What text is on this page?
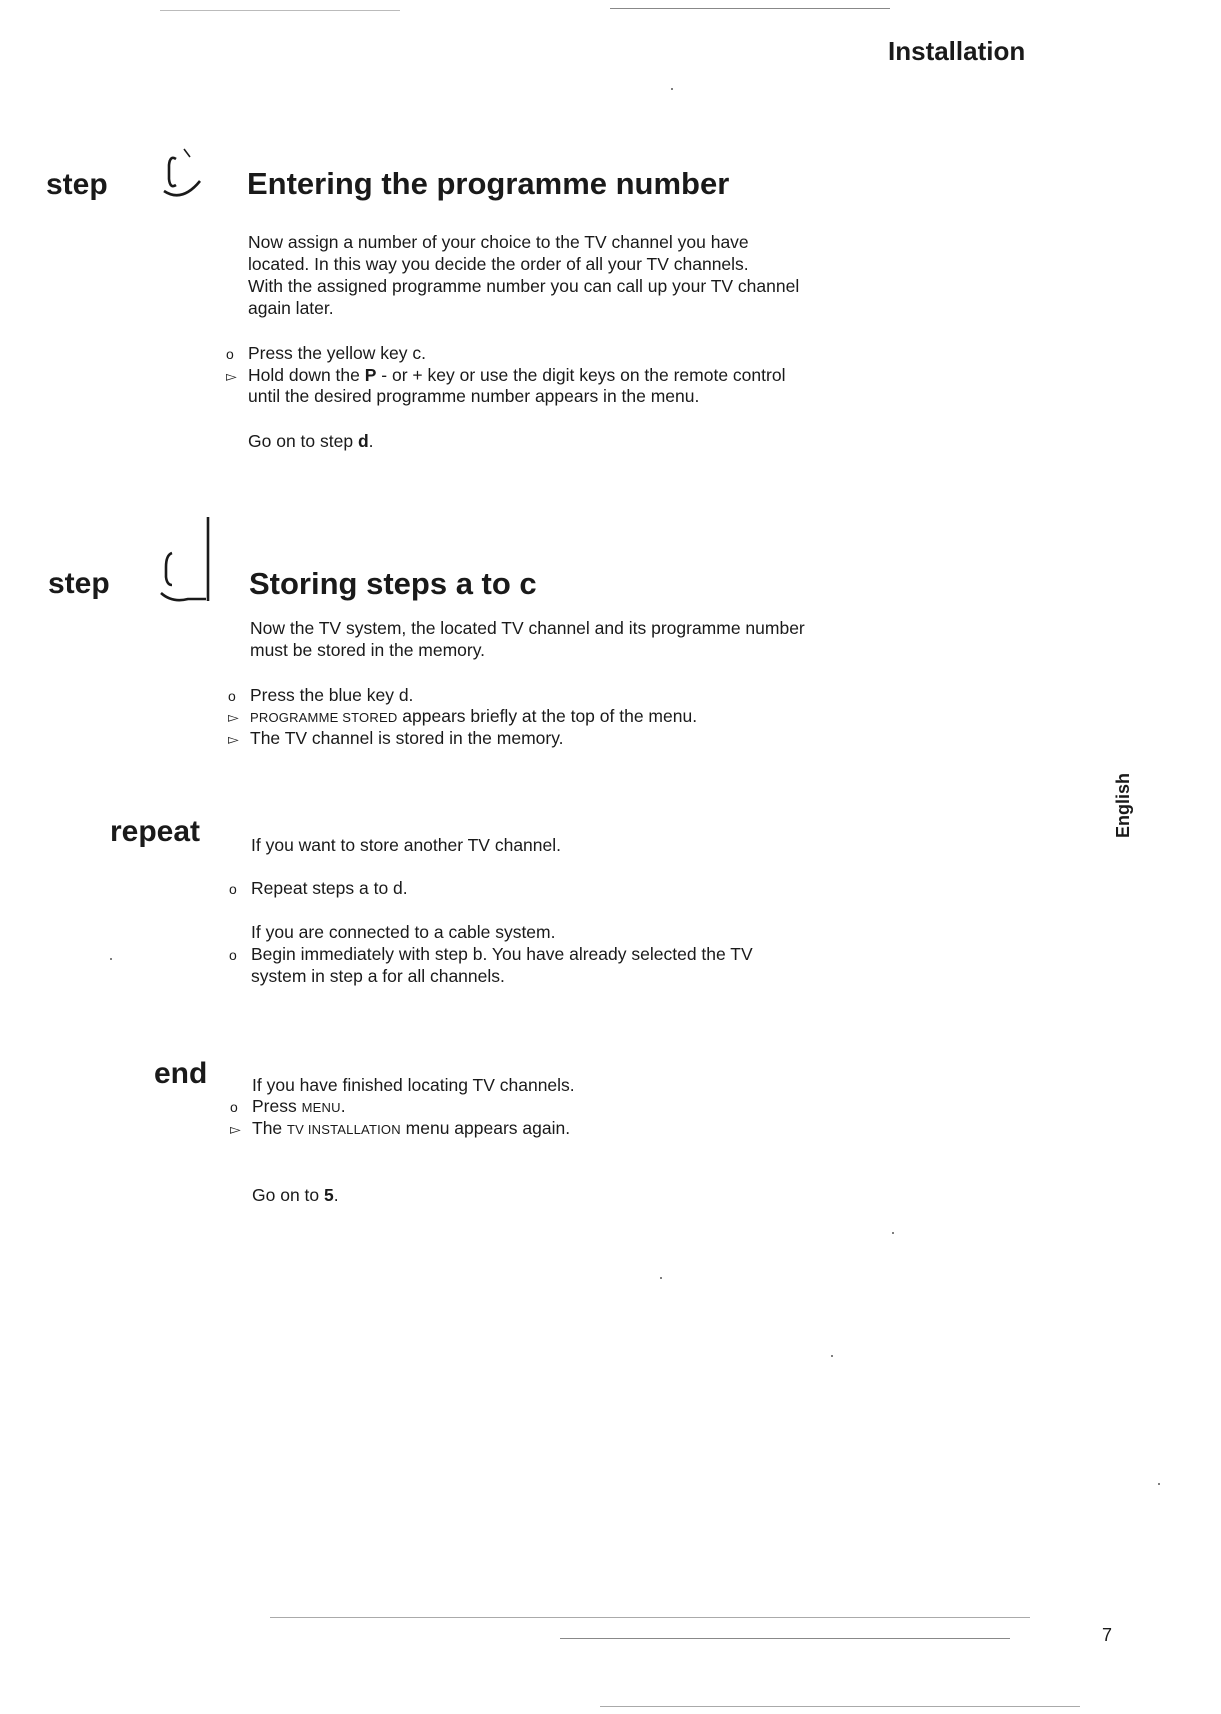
Installation
step	Entering the programme number
Now assign a number of your choice to the TV channel you have
located. In this way you decide the order of all your TV channels.
With the assigned programme number you can call up your TV channel
again later.
o Press the yellow key c.
▻ Hold down the P - or + key or use the digit keys on the remote control
until the desired programme number appears in the menu.
Go on to step d.
step	Storing steps a to c
Now the TV system, the located TV channel and its programme number
must be stored in the memory.
o Press the blue key d.
▻ PROGRAMME STORED appears briefly at the top of the menu.
▻ The TV channel is stored in the memory.
repeat	If you want to store another TV channel.
o Repeat steps a to d.
If you are connected to a cable system.
o Begin immediately with step b. You have already selected the TV
system in step a for all channels.
end	If you have finished locating TV channels.
o Press MENU.
▻ The TV INSTALLATION menu appears again.
Go on to 5.
English
7
